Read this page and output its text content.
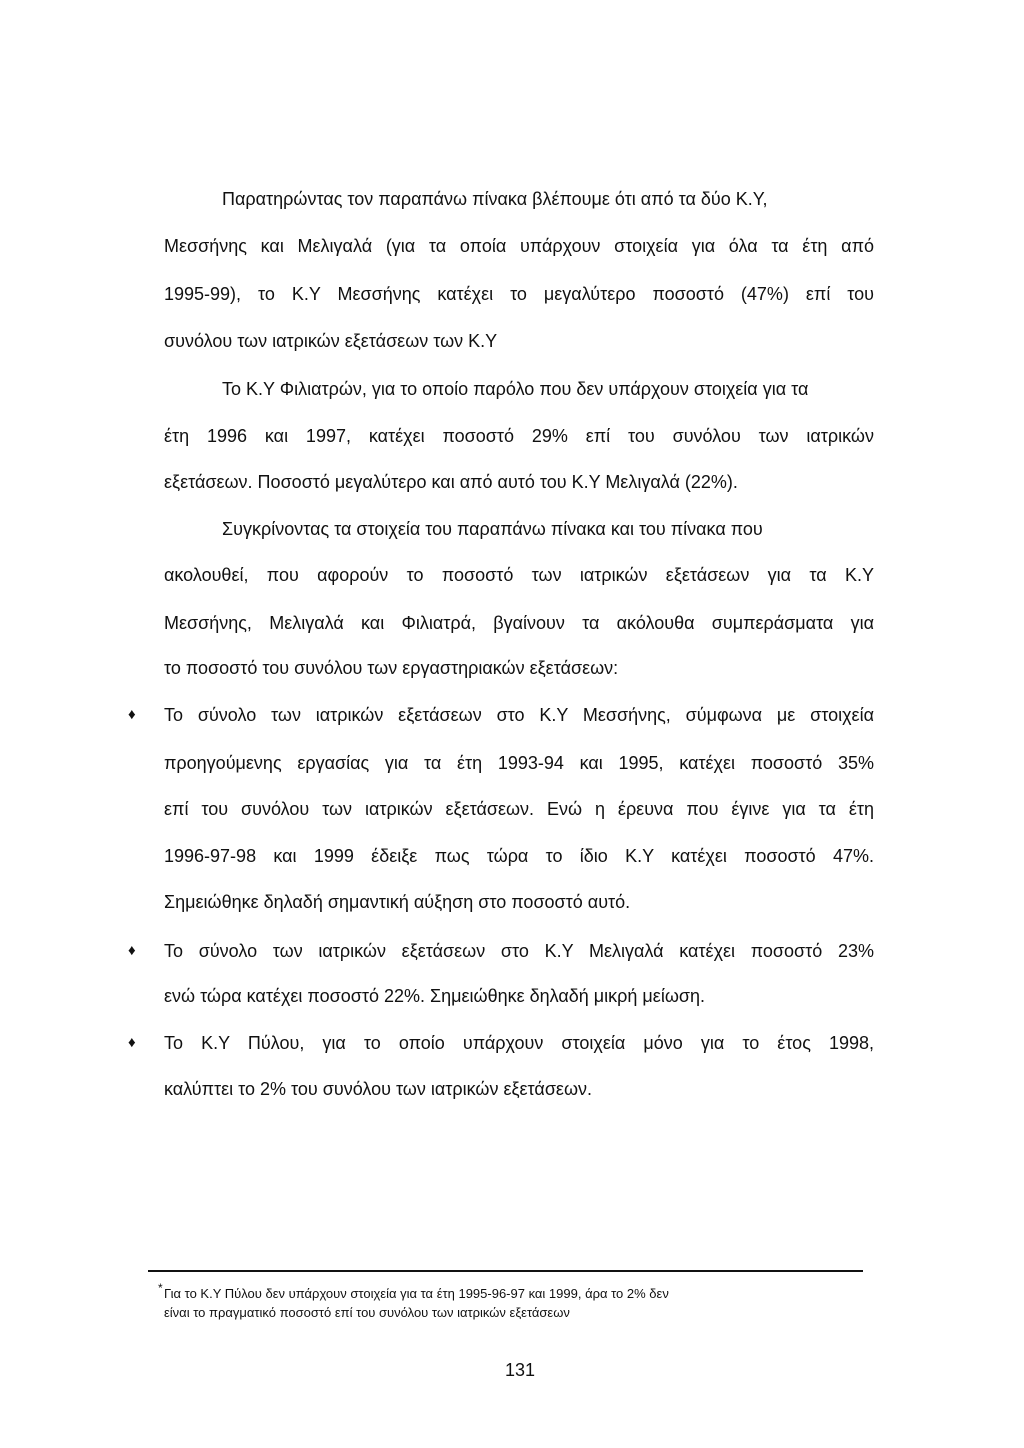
Παρατηρώντας τον παραπάνω πίνακα βλέπουμε ότι από τα δύο Κ.Υ,
Μεσσήνης και Μελιγαλά (για τα οποία υπάρχουν στοιχεία για όλα τα έτη από
1995-99), το Κ.Υ Μεσσήνης κατέχει το μεγαλύτερο ποσοστό (47%) επί του
συνόλου των ιατρικών εξετάσεων των Κ.Υ
Το Κ.Υ Φιλιατρών, για το οποίο παρόλο που δεν υπάρχουν στοιχεία για τα
έτη 1996 και 1997, κατέχει ποσοστό 29% επί του συνόλου των ιατρικών
εξετάσεων. Ποσοστό μεγαλύτερο και από αυτό του Κ.Υ Μελιγαλά (22%).
Συγκρίνοντας τα στοιχεία του παραπάνω πίνακα και του πίνακα που
ακολουθεί, που αφορούν το ποσοστό των ιατρικών εξετάσεων για τα Κ.Υ
Μεσσήνης, Μελιγαλά και Φιλιατρά, βγαίνουν τα ακόλουθα συμπεράσματα για
το ποσοστό του συνόλου των εργαστηριακών εξετάσεων:
♦ Το σύνολο των ιατρικών εξετάσεων στο Κ.Υ Μεσσήνης, σύμφωνα με στοιχεία
προηγούμενης εργασίας για τα έτη 1993-94 και 1995, κατέχει ποσοστό 35%
επί του συνόλου των ιατρικών εξετάσεων. Ενώ η έρευνα που έγινε για τα έτη
1996-97-98 και 1999 έδειξε πως τώρα το ίδιο Κ.Υ κατέχει ποσοστό 47%.
Σημειώθηκε δηλαδή σημαντική αύξηση στο ποσοστό αυτό.
♦ Το σύνολο των ιατρικών εξετάσεων στο Κ.Υ Μελιγαλά κατέχει ποσοστό 23%
ενώ τώρα κατέχει ποσοστό 22%. Σημειώθηκε δηλαδή μικρή μείωση.
♦ Το Κ.Υ Πύλου, για το οποίο υπάρχουν στοιχεία μόνο για το έτος 1998,
καλύπτει το 2% του συνόλου των ιατρικών εξετάσεων.
* Για το Κ.Υ Πύλου δεν υπάρχουν στοιχεία για τα έτη 1995-96-97 και 1999, άρα το 2% δεν
είναι το πραγματικό ποσοστό επί του συνόλου των ιατρικών εξετάσεων
131
